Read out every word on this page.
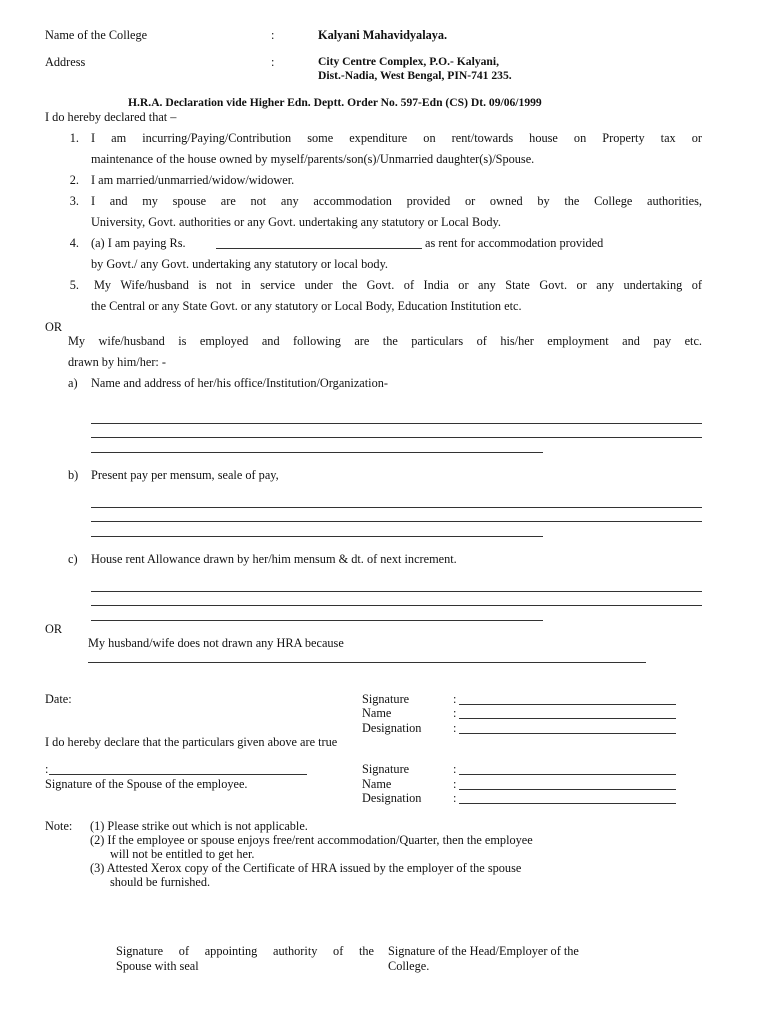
Name of the College	:	Kalyani Mahavidyalaya.
Address	:	City Centre Complex, P.O.- Kalyani,
Dist.-Nadia, West Bengal, PIN-741 235.
H.R.A. Declaration vide Higher Edn. Deptt. Order No. 597-Edn (CS) Dt. 09/06/1999
I do hereby declared that –
1. I am incurring/Paying/Contribution some expenditure on rent/towards house on Property tax or
maintenance of the house owned by myself/parents/son(s)/Unmarried daughter(s)/Spouse.
2. I am married/unmarried/widow/widower.
3. I and my spouse are not any accommodation provided or owned by the College authorities,
University, Govt. authorities or any Govt. undertaking any statutory or Local Body.
4. (a) I am paying Rs.	as rent for accommodation provided
by Govt./ any Govt. undertaking any statutory or local body.
5. My Wife/husband is not in service under the Govt. of India or any State Govt. or any undertaking of
the Central or any State Govt. or any statutory or Local Body, Education Institution etc.
OR
My wife/husband is employed and following are the particulars of his/her employment and pay etc.
drawn by him/her: -
a) Name and address of her/his office/Institution/Organization-
b) Present pay per mensum, seale of pay,
c) House rent Allowance drawn by her/him mensum & dt. of next increment.
OR
My husband/wife does not drawn any HRA because
Date:	Signature	:
Name	:
Designation	:
I do hereby declare that the particulars given above are true
:
Signature of the Spouse of the employee.
Signature	:
Name	:
Designation	:
Note: (1) Please strike out which is not applicable.
(2) If the employee or spouse enjoys free/rent accommodation/Quarter, then the employee
will not be entitled to get her.
(3) Attested Xerox copy of the Certificate of HRA issued by the employer of the spouse
should be furnished.
Signature of appointing authority of the
Spouse with seal
Signature of the Head/Employer of the
College.
